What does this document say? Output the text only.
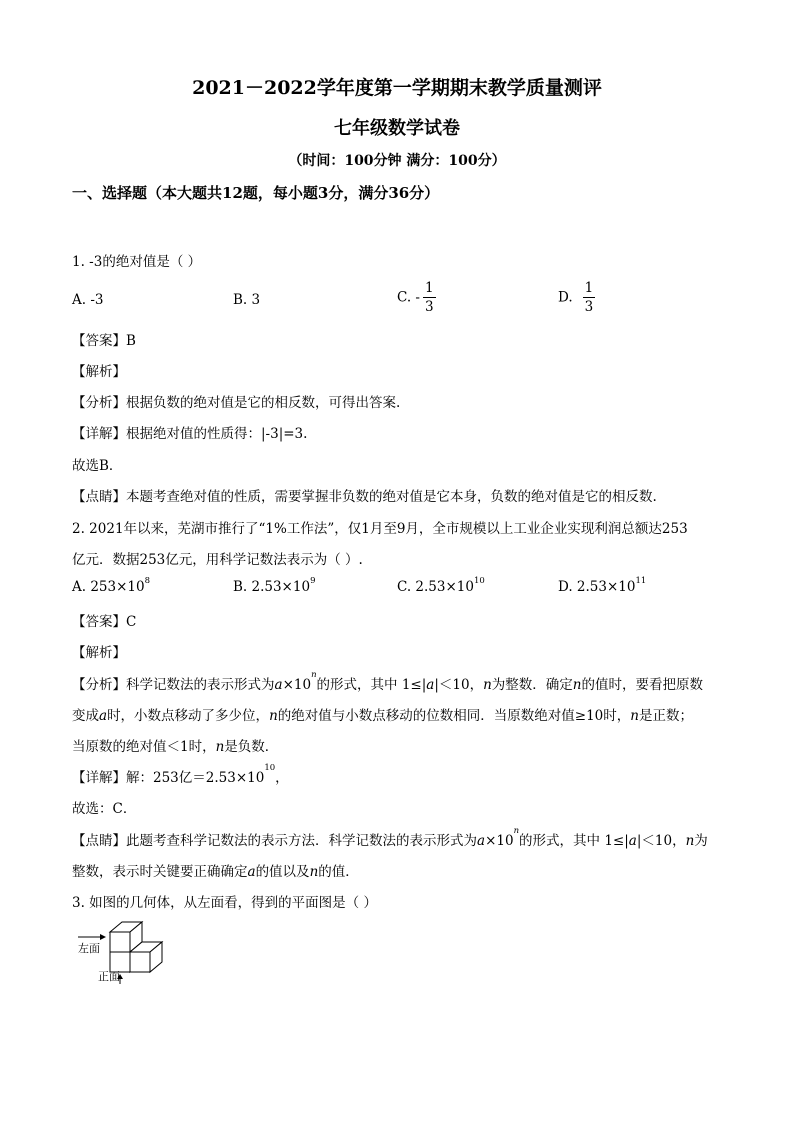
2021－2022学年度第一学期期末教学质量测评
七年级数学试卷
（时间：100分钟 满分：100分）
一、选择题（本大题共12题，每小题3分，满分36分）
1. -3的绝对值是（ ）
A. -3	B. 3	C. - $\frac{1}{3}$	D. $\frac{1}{3}$
【答案】B
【解析】
【分析】根据负数的绝对值是它的相反数，可得出答案.
【详解】根据绝对值的性质得：|-3|=3.
故选B．
【点睛】本题考查绝对值的性质，需要掌握非负数的绝对值是它本身，负数的绝对值是它的相反数.
2. 2021年以来，芜湖市推行了“1%工作法”，仅1月至9月，全市规模以上工业企业实现利润总额达253
亿元．数据253亿元，用科学记数法表示为（ ）.
A. $253\times 10^8$	B. $2.53\times 10^9$	C. $2.53\times 10^{10}$	D. $2.53\times 10^{11}$
【答案】C
【解析】
【分析】科学记数法的表示形式为$a\times 10^n$的形式，其中 1≤|a|＜10，n为整数．确定n的值时，要看把原数
变成a时，小数点移动了多少位，n的绝对值与小数点移动的位数相同．当原数绝对值≥10时，n是正数；
当原数的绝对值＜1时，n是负数．
【详解】解：253亿$=2.53\times 10^{10}$，
故选：C．
【点睛】此题考查科学记数法的表示方法．科学记数法的表示形式为$a\times 10^n$的形式，其中 1≤|a|＜10，n为
整数，表示时关键要正确确定a的值以及n的值．
3. 如图的几何体，从左面看，得到的平面图是（ ）
左面
正面
